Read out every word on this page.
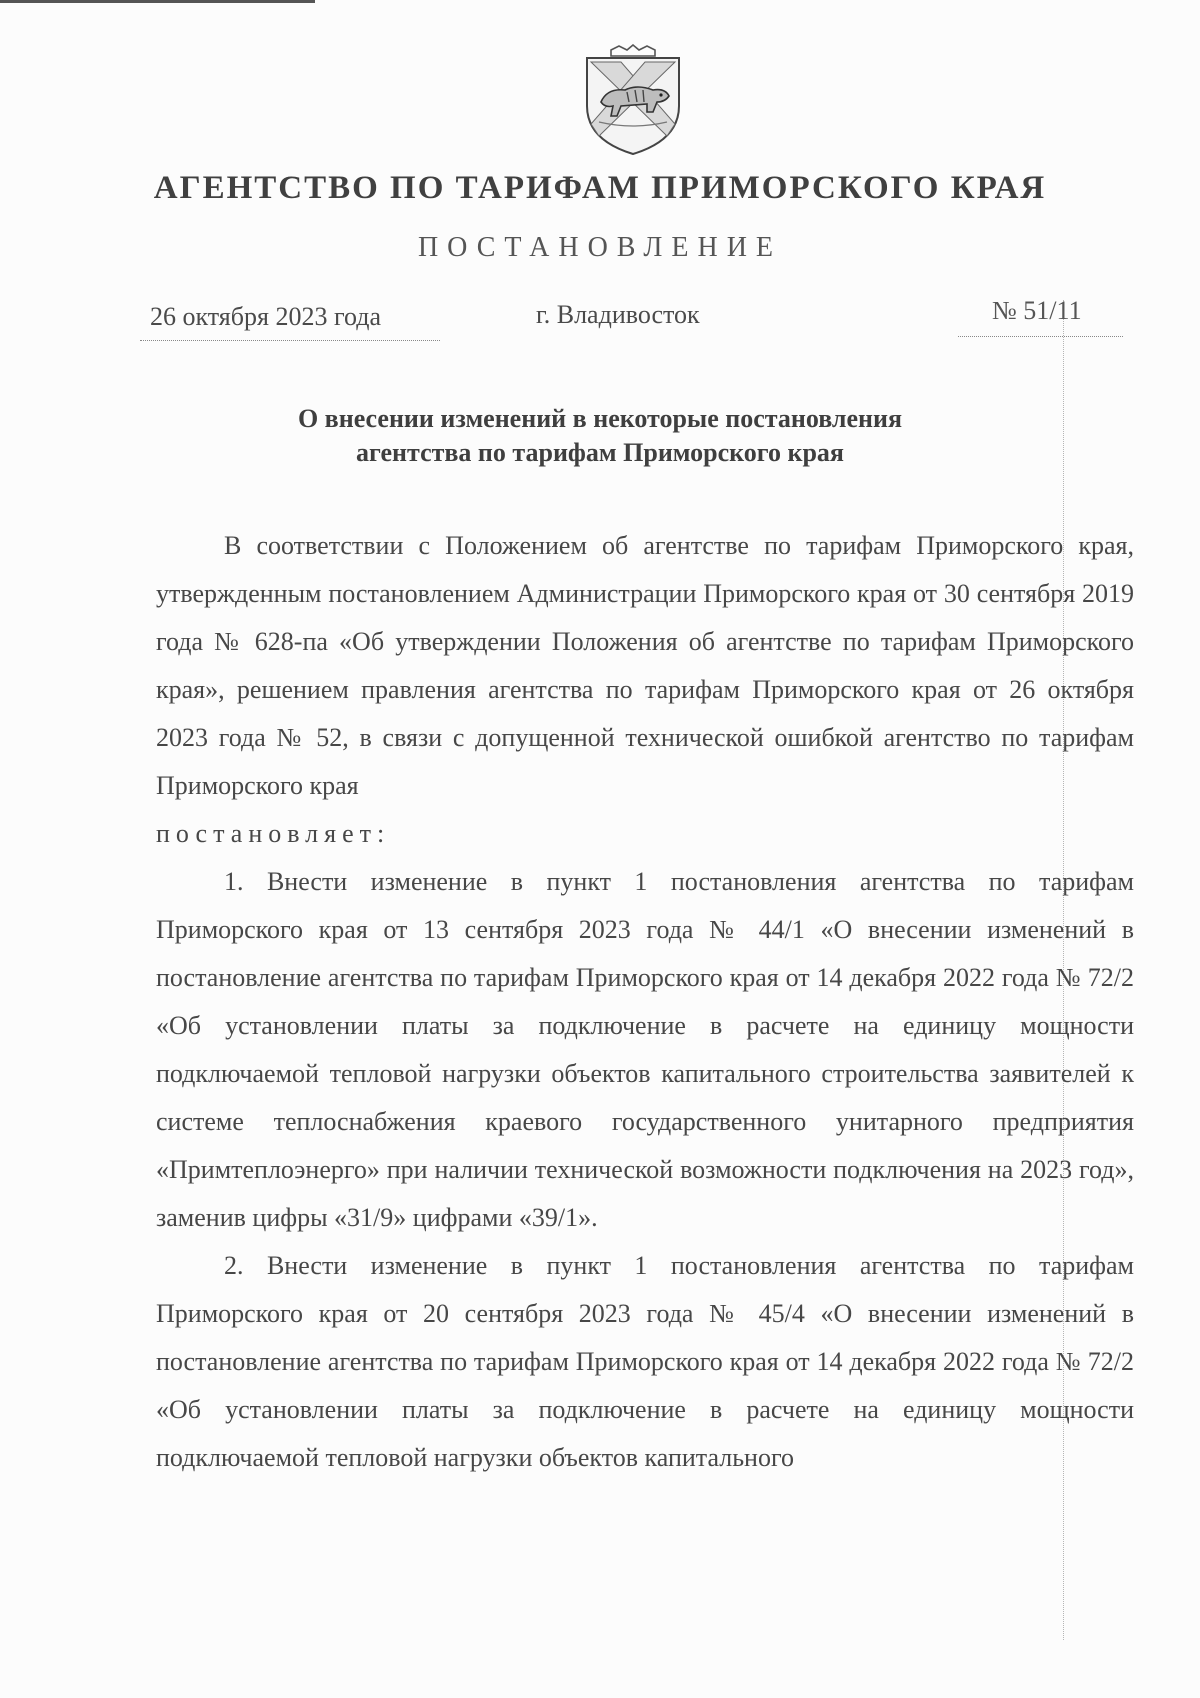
АГЕНТСТВО ПО ТАРИФАМ ПРИМОРСКОГО КРАЯ
ПОСТАНОВЛЕНИЕ
26 октября 2023 года	г. Владивосток	№ 51/11
О внесении изменений в некоторые постановления
агентства по тарифам Приморского края

В соответствии с Положением об агентстве по тарифам Приморского края, утвержденным постановлением Администрации Приморского края от 30 сентября 2019 года № 628-па «Об утверждении Положения об агентстве по тарифам Приморского края», решением правления агентства по тарифам Приморского края от 26 октября 2023 года № 52, в связи с допущенной технической ошибкой агентство по тарифам Приморского края

постановляет:

1. Внести изменение в пункт 1 постановления агентства по тарифам Приморского края от 13 сентября 2023 года № 44/1 «О внесении изменений в постановление агентства по тарифам Приморского края от 14 декабря 2022 года № 72/2 «Об установлении платы за подключение в расчете на единицу мощности подключаемой тепловой нагрузки объектов капитального строительства заявителей к системе теплоснабжения краевого государственного унитарного предприятия «Примтеплоэнерго» при наличии технической возможности подключения на 2023 год», заменив цифры «31/9» цифрами «39/1».

2. Внести изменение в пункт 1 постановления агентства по тарифам Приморского края от 20 сентября 2023 года № 45/4 «О внесении изменений в постановление агентства по тарифам Приморского края от 14 декабря 2022 года № 72/2 «Об установлении платы за подключение в расчете на единицу мощности подключаемой тепловой нагрузки объектов капитального
